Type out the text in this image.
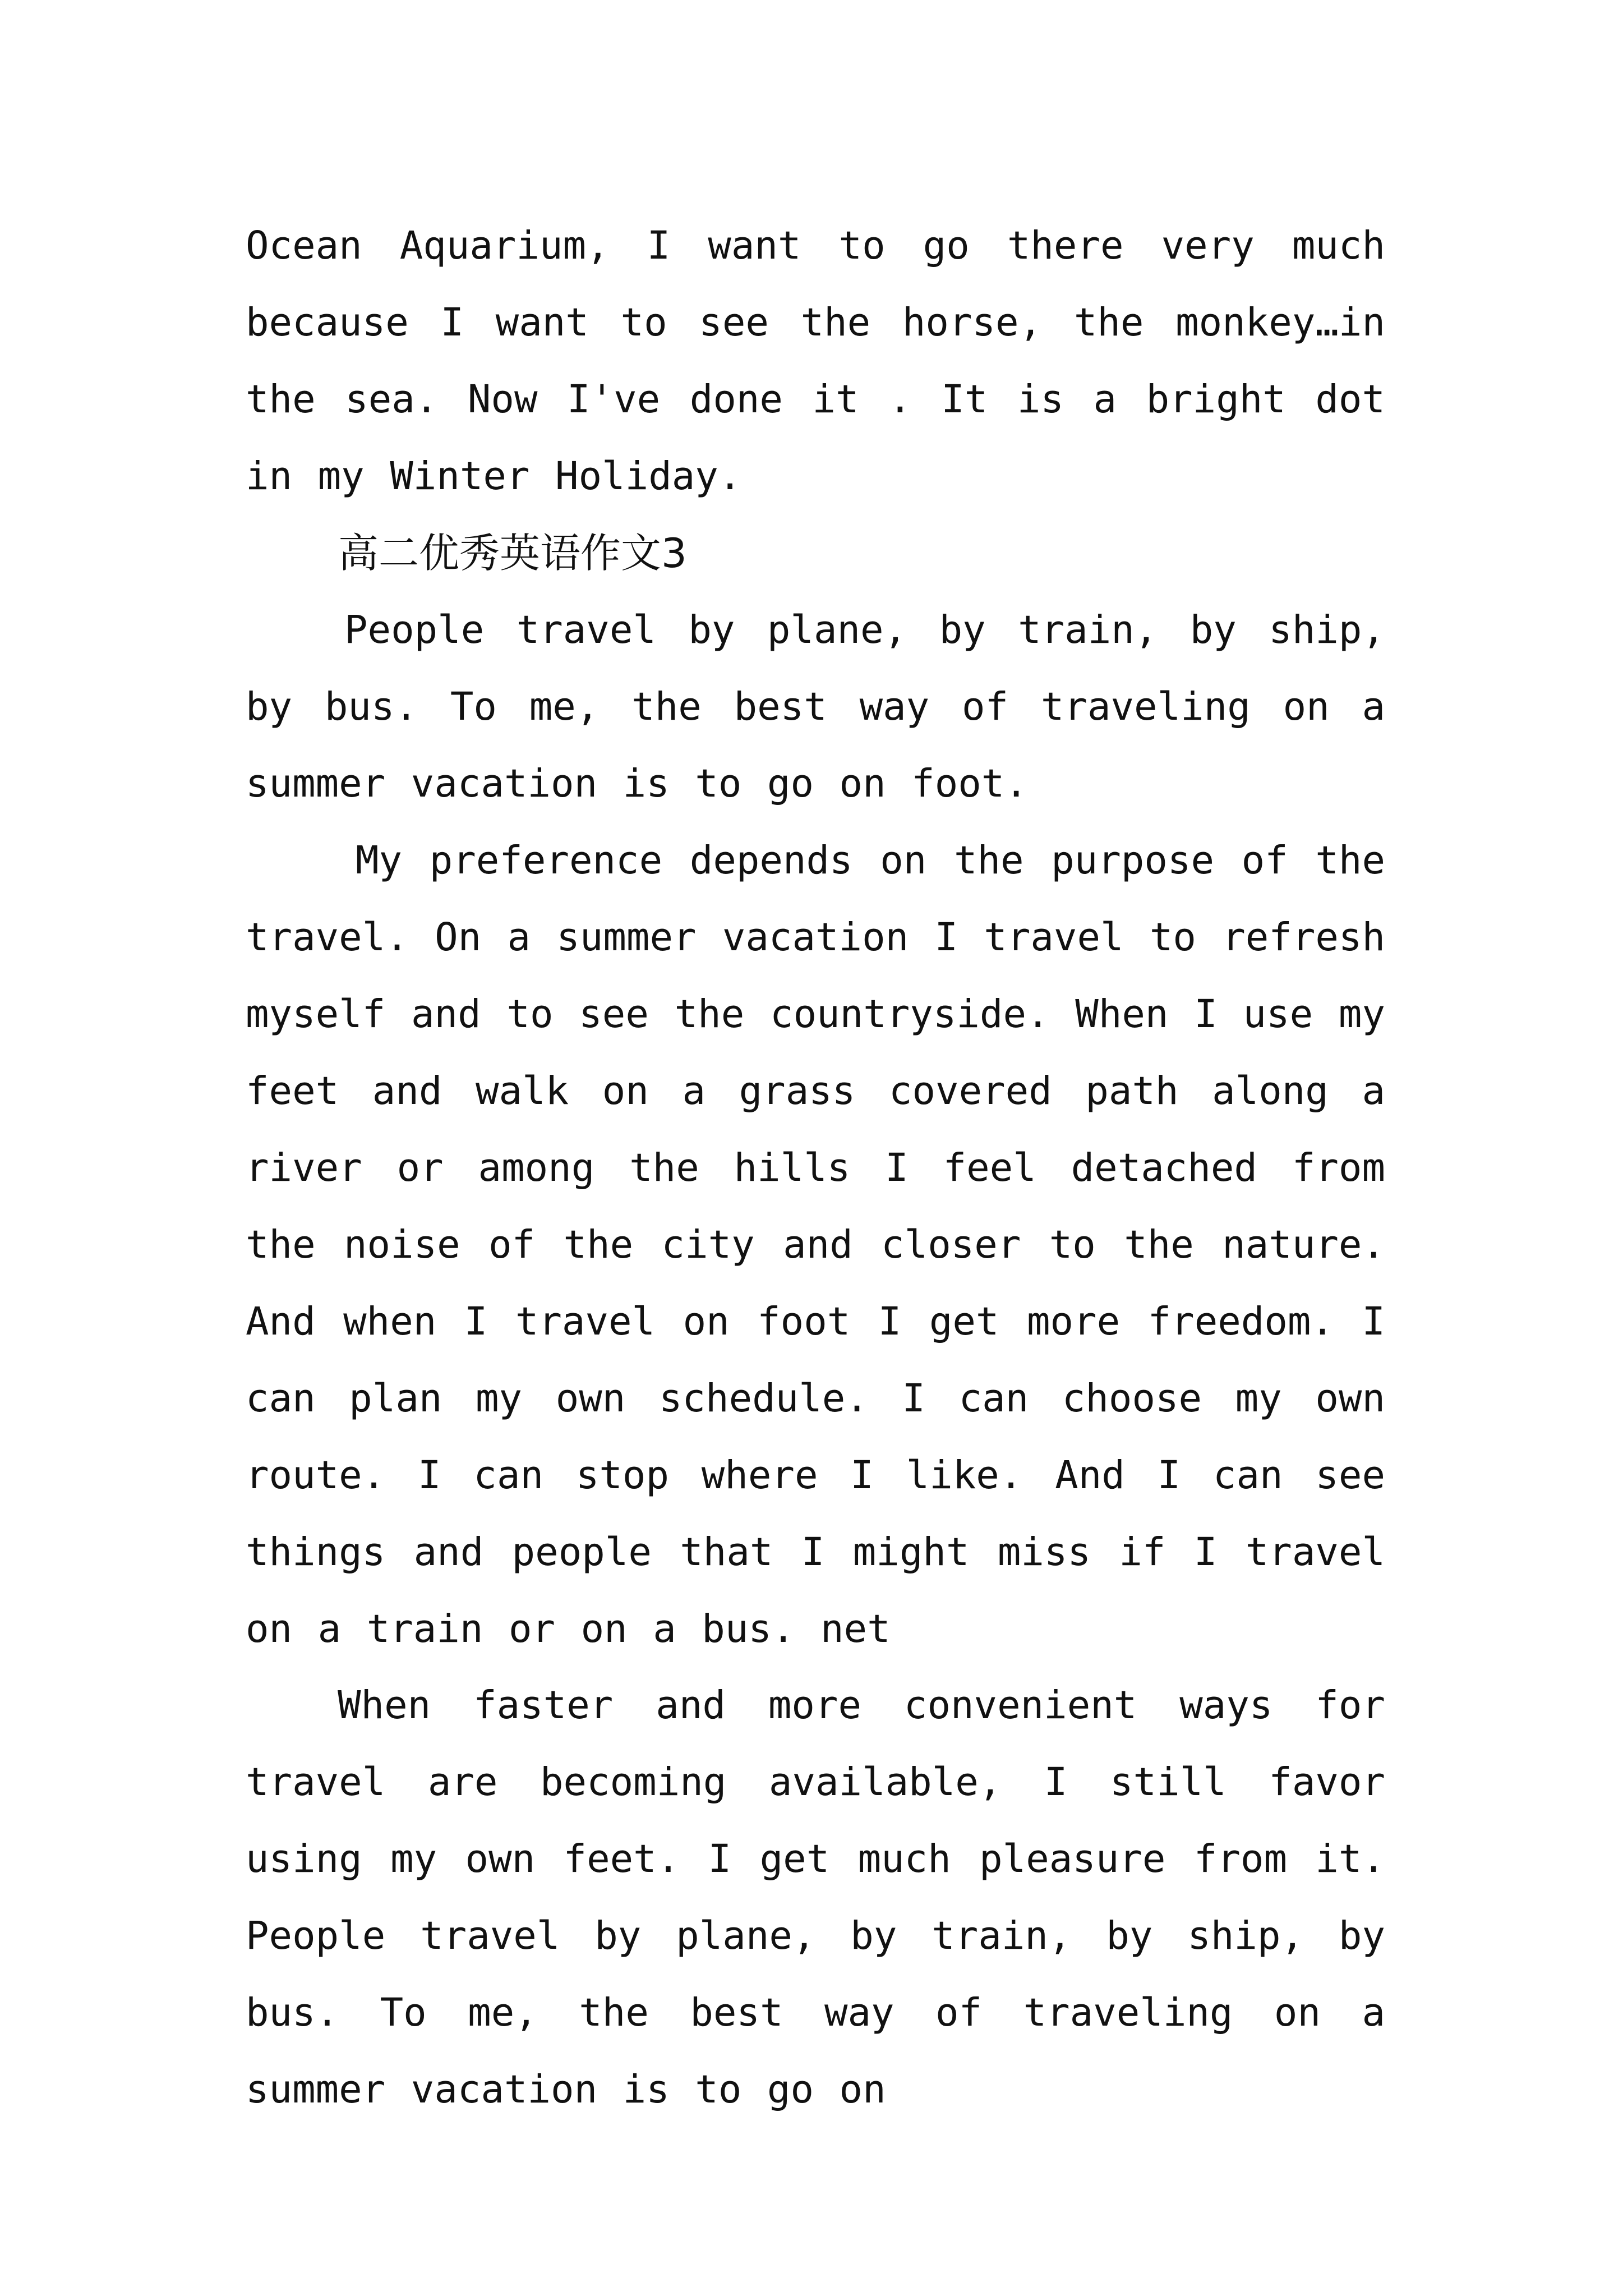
Ocean Aquarium, I want to go there very much because I want to see the horse, the monkey…in the sea. Now I've done it . It is a bright dot in my Winter Holiday.
高二优秀英语作文3
People travel by plane, by train, by ship, by bus. To me, the best way of traveling on a summer vacation is to go on foot.
My preference depends on the purpose of the travel. On a summer vacation I travel to refresh myself and to see the countryside. When I use my feet and walk on a grass covered path along a river or among the hills I feel detached from the noise of the city and closer to the nature. And when I travel on foot I get more freedom. I can plan my own schedule. I can choose my own route. I can stop where I like. And I can see things and people that I might miss if I travel on a train or on a bus. net
When faster and more convenient ways for travel are becoming available, I still favor using my own feet. I get much pleasure from it. People travel by plane, by train, by ship, by bus. To me, the best way of traveling on a summer vacation is to go on
